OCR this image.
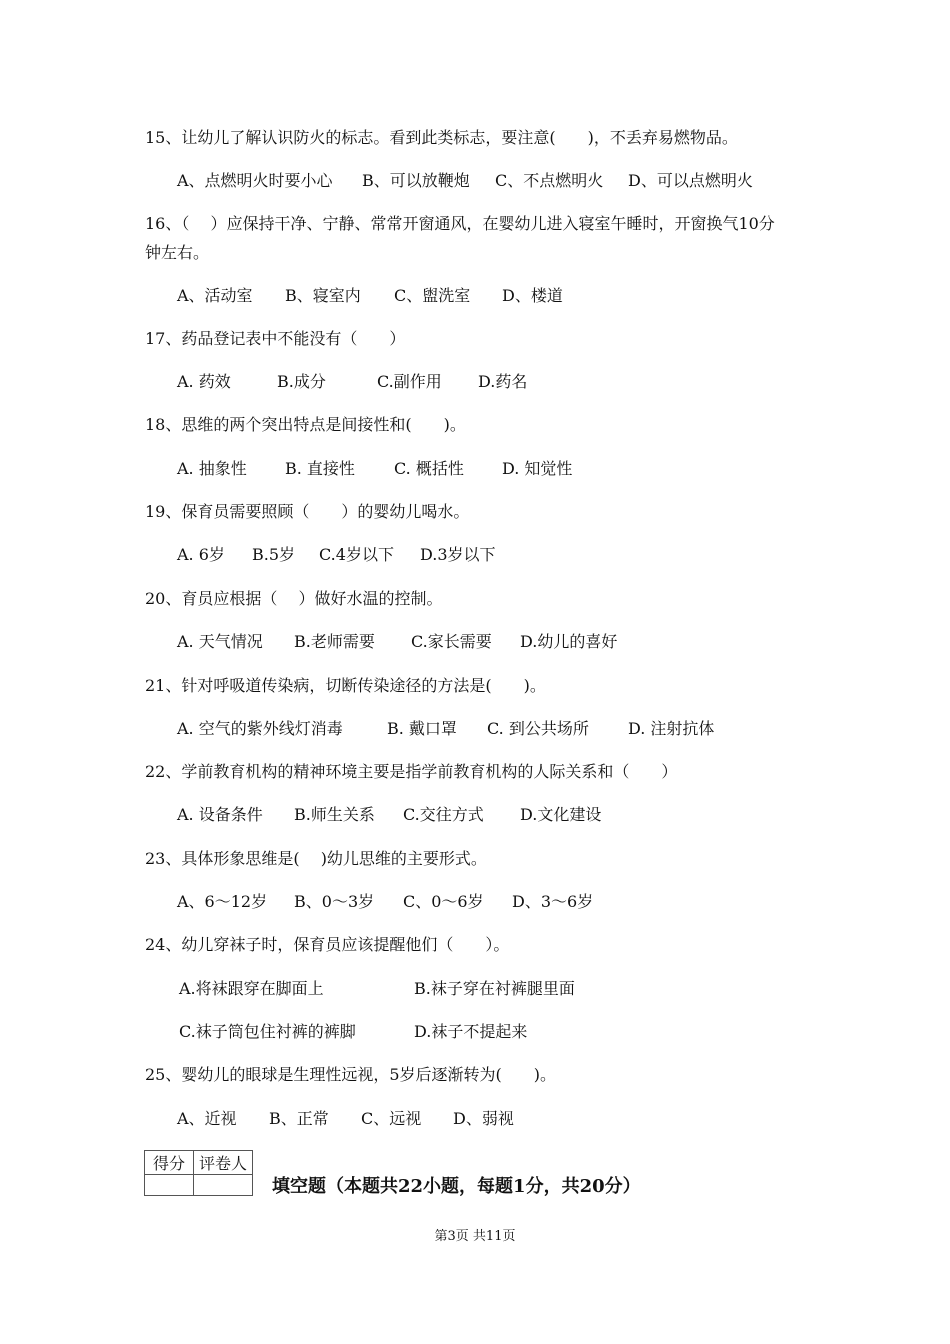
15、让幼儿了解认识防火的标志。看到此类标志，要注意(　　)，不丢弃易燃物品。
A、点燃明火时要小心 B、可以放鞭炮 C、不点燃明火 D、可以点燃明火
16、（　 ）应保持干净、宁静、常常开窗通风，在婴幼儿进入寝室午睡时，开窗换气10分
钟左右。
A、活动室 B、寝室内 C、盥洗室 D、楼道
17、药品登记表中不能没有（　　）
A. 药效	B.成分	C.副作用 D.药名
18、思维的两个突出特点是间接性和(　　)。
A. 抽象性 B. 直接性 C. 概括性 D. 知觉性
19、保育员需要照顾（　　）的婴幼儿喝水。
A. 6岁 B.5岁 C.4岁以下 D.3岁以下
20、育员应根据（　 ）做好水温的控制。
A. 天气情况 B.老师需要 C.家长需要 D.幼儿的喜好
21、针对呼吸道传染病，切断传染途径的方法是(　　)。
A. 空气的紫外线灯消毒	B. 戴口罩 C. 到公共场所 D. 注射抗体
22、学前教育机构的精神环境主要是指学前教育机构的人际关系和（　　）
A. 设备条件 B.师生关系 C.交往方式 D.文化建设
23、具体形象思维是(　 )幼儿思维的主要形式。
A、6～12岁 B、0～3岁 C、0～6岁 D、3～6岁
24、幼儿穿袜子时，保育员应该提醒他们（　　）。
A.将袜跟穿在脚面上	B.袜子穿在衬裤腿里面
C.袜子筒包住衬裤的裤脚	D.袜子不提起来
25、婴幼儿的眼球是生理性远视，5岁后逐渐转为(　　)。
A、近视 B、正常 C、远视 D、弱视
得分	评卷人

填空题（本题共22小题，每题1分，共20分）
第3页 共11页
